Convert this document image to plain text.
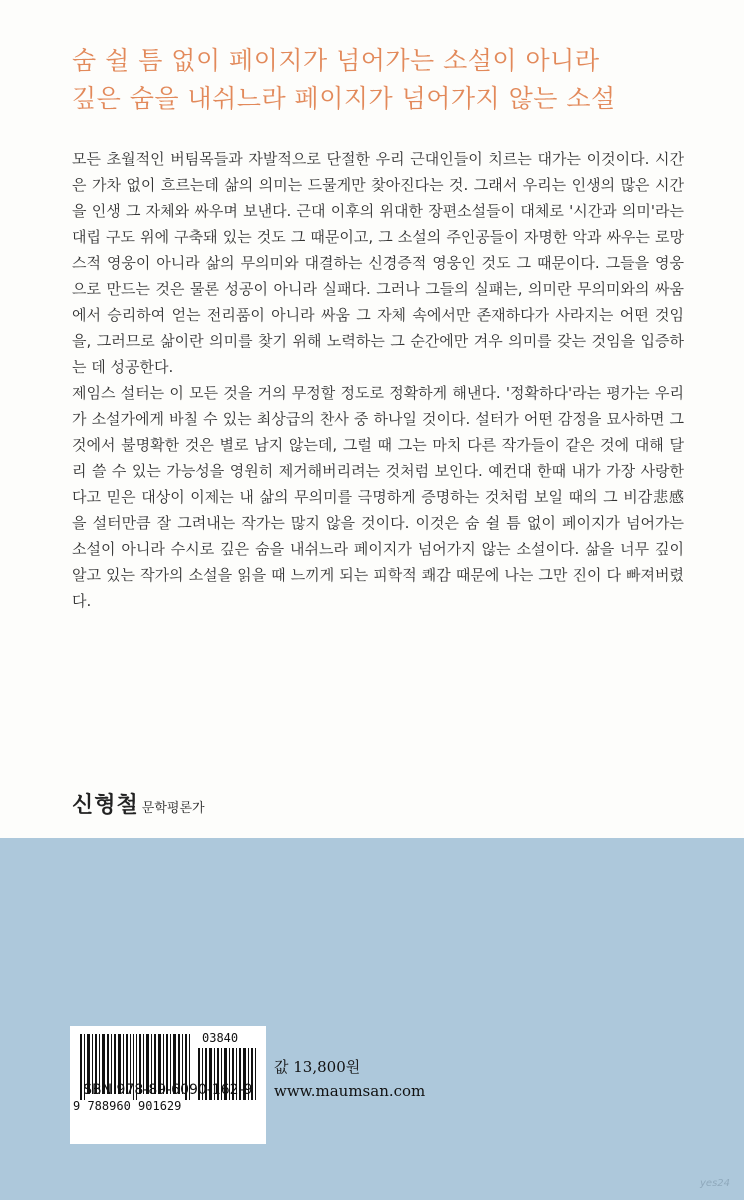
숨 쉴 틈 없이 페이지가 넘어가는 소설이 아니라
깊은 숨을 내쉬느라 페이지가 넘어가지 않는 소설

모든 초월적인 버팀목들과 자발적으로 단절한 우리 근대인들이 치르는 대가는 이것이다. 시간은 가차 없이 흐르는데 삶의 의미는 드물게만 찾아진다는 것. 그래서 우리는 인생의 많은 시간을 인생 그 자체와 싸우며 보낸다. 근대 이후의 위대한 장편소설들이 대체로 '시간과 의미'라는 대립 구도 위에 구축돼 있는 것도 그 때문이고, 그 소설의 주인공들이 자명한 악과 싸우는 로망스적 영웅이 아니라 삶의 무의미와 대결하는 신경증적 영웅인 것도 그 때문이다. 그들을 영웅으로 만드는 것은 물론 성공이 아니라 실패다. 그러나 그들의 실패는, 의미란 무의미와의 싸움에서 승리하여 얻는 전리품이 아니라 싸움 그 자체 속에서만 존재하다가 사라지는 어떤 것임을, 그러므로 삶이란 의미를 찾기 위해 노력하는 그 순간에만 겨우 의미를 갖는 것임을 입증하는 데 성공한다.

제임스 설터는 이 모든 것을 거의 무정할 정도로 정확하게 해낸다. '정확하다'라는 평가는 우리가 소설가에게 바칠 수 있는 최상급의 찬사 중 하나일 것이다. 설터가 어떤 감정을 묘사하면 그것에서 불명확한 것은 별로 남지 않는데, 그럴 때 그는 마치 다른 작가들이 같은 것에 대해 달리 쓸 수 있는 가능성을 영원히 제거해버리려는 것처럼 보인다. 예컨대 한때 내가 가장 사랑한다고 믿은 대상이 이제는 내 삶의 무의미를 극명하게 증명하는 것처럼 보일 때의 그 비감悲感을 설터만큼 잘 그려내는 작가는 많지 않을 것이다. 이것은 숨 쉴 틈 없이 페이지가 넘어가는 소설이 아니라 수시로 깊은 숨을 내쉬느라 페이지가 넘어가지 않는 소설이다. 삶을 너무 깊이 알고 있는 작가의 소설을 읽을 때 느끼게 되는 피학적 쾌감 때문에 나는 그만 진이 다 빠져버렸다.

신형철 문학평론가
03840
9 788960 901629
ISBN 978-89-6090-162-9
값 13,800원
www.maumsan.com
yes24
